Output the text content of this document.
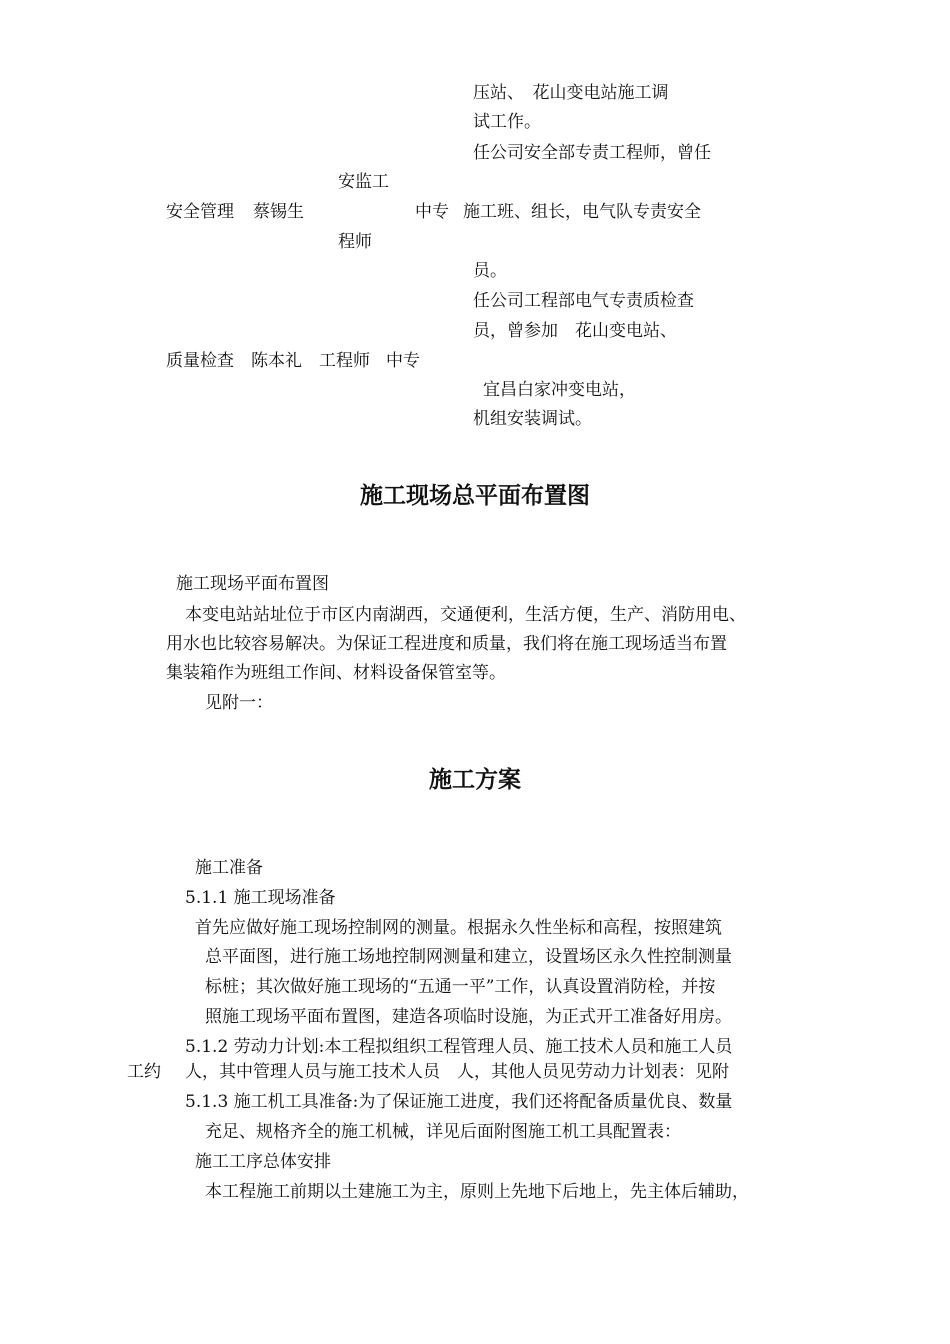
压站、　花山变电站施工调
试工作。
任公司安全部专责工程师，曾任
安监工
安全管理 蔡锡生	中专 施工班、组长，电气队专责安全
程师
员。
任公司工程部电气专责质检查
员，曾参加　花山变电站、
质量检查 陈本礼 工程师 中专
宜昌白家冲变电站，
机组安装调试。
施工现场总平面布置图
施工现场平面布置图
本变电站站址位于市区内南湖西，交通便利，生活方便，生产、消防用电、
用水也比较容易解决。为保证工程进度和质量，我们将在施工现场适当布置
集装箱作为班组工作间、材料设备保管室等。
见附一：
施工方案
施工准备
5.1.1 施工现场准备
首先应做好施工现场控制网的测量。根据永久性坐标和高程，按照建筑
总平面图，进行施工场地控制网测量和建立，设置场区永久性控制测量
标桩；其次做好施工现场的“五通一平”工作，认真设置消防栓，并按
照施工现场平面布置图，建造各项临时设施，为正式开工准备好用房。
5.1.2 劳动力计划:本工程拟组织工程管理人员、施工技术人员和施工人员
工约 人，其中管理人员与施工技术人员　人，其他人员见劳动力计划表：见附
5.1.3 施工机工具准备:为了保证施工进度，我们还将配备质量优良、数量
充足、规格齐全的施工机械，详见后面附图施工机工具配置表：
施工工序总体安排
本工程施工前期以土建施工为主，原则上先地下后地上，先主体后辅助，
